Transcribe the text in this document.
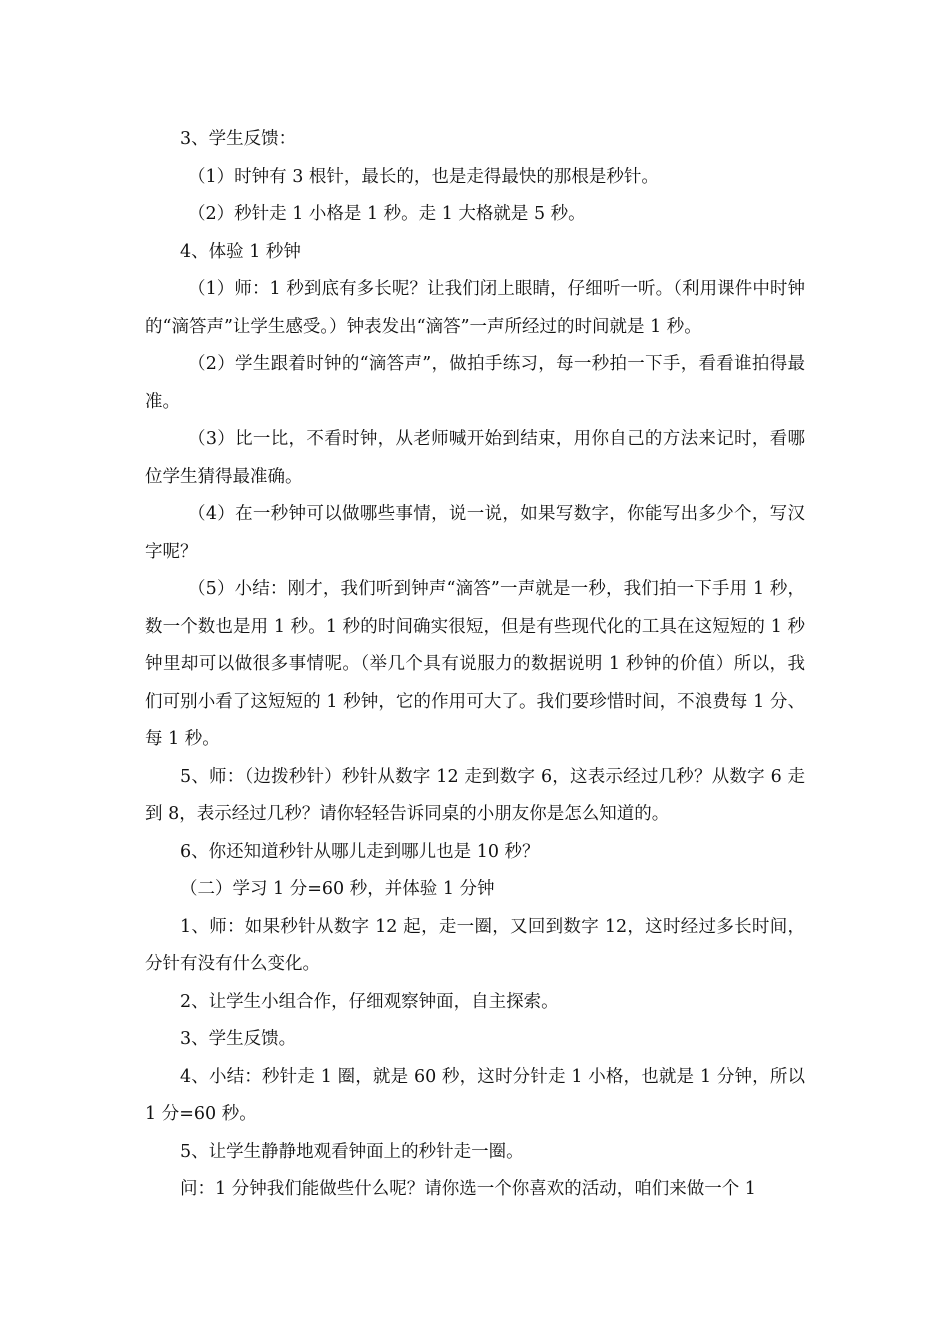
3、学生反馈：

（1）时钟有 3 根针，最长的，也是走得最快的那根是秒针。

（2）秒针走 1 小格是 1 秒。走 1 大格就是 5 秒。

4、体验 1 秒钟

（1）师：1 秒到底有多长呢？让我们闭上眼睛，仔细听一听。（利用课件中时钟的“滴答声”让学生感受。）钟表发出“滴答”一声所经过的时间就是 1 秒。

（2）学生跟着时钟的“滴答声”，做拍手练习，每一秒拍一下手，看看谁拍得最准。

（3）比一比，不看时钟，从老师喊开始到结束，用你自己的方法来记时，看哪位学生猜得最准确。

（4）在一秒钟可以做哪些事情，说一说，如果写数字，你能写出多少个，写汉字呢？

（5）小结：刚才，我们听到钟声“滴答”一声就是一秒，我们拍一下手用 1 秒，数一个数也是用 1 秒。1 秒的时间确实很短，但是有些现代化的工具在这短短的 1 秒钟里却可以做很多事情呢。（举几个具有说服力的数据说明 1 秒钟的价值）所以，我们可别小看了这短短的 1 秒钟，它的作用可大了。我们要珍惜时间，不浪费每 1 分、每 1 秒。

5、师：（边拨秒针）秒针从数字 12 走到数字 6，这表示经过几秒？从数字 6 走到 8，表示经过几秒？请你轻轻告诉同桌的小朋友你是怎么知道的。

6、你还知道秒针从哪儿走到哪儿也是 10 秒？

（二）学习 1 分=60 秒，并体验 1 分钟

1、师：如果秒针从数字 12 起，走一圈，又回到数字 12，这时经过多长时间，分针有没有什么变化。

2、让学生小组合作，仔细观察钟面，自主探索。

3、学生反馈。

4、小结：秒针走 1 圈，就是 60 秒，这时分针走 1 小格，也就是 1 分钟，所以 1 分=60 秒。

5、让学生静静地观看钟面上的秒针走一圈。

问：1 分钟我们能做些什么呢？请你选一个你喜欢的活动，咱们来做一个 1
